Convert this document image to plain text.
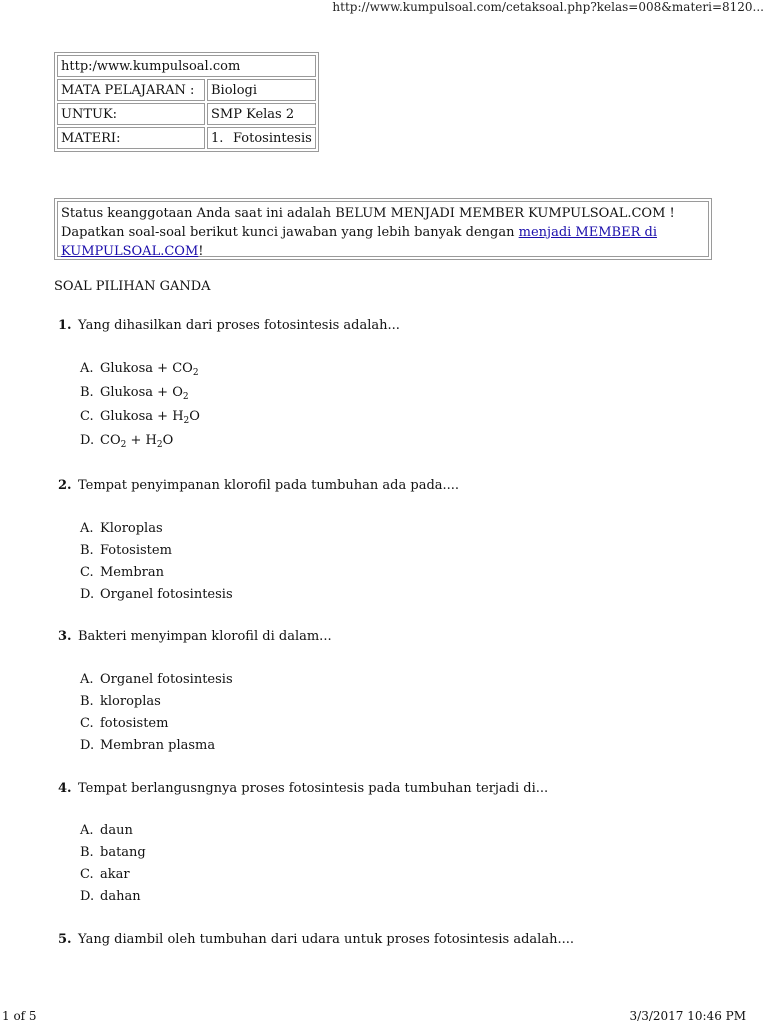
http://www.kumpulsoal.com/cetaksoal.php?kelas=008&materi=8120...
http:/www.kumpulsoal.com	
MATA PELAJARAN :	Biologi
UNTUK:	SMP Kelas 2
MATERI:	1. Fotosintesis
Status keanggotaan Anda saat ini adalah BELUM MENJADI MEMBER KUMPULSOAL.COM !
Dapatkan soal-soal berikut kunci jawaban yang lebih banyak dengan menjadi MEMBER di KUMPULSOAL.COM!
SOAL PILIHAN GANDA
1. Yang dihasilkan dari proses fotosintesis adalah...
A. Glukosa + $CO_2$
B. Glukosa + $O_2$
C. Glukosa + $H_2O$
D. $CO_2 + H_2O$
2. Tempat penyimpanan klorofil pada tumbuhan ada pada....
A. Kloroplas
B. Fotosistem
C. Membran
D. Organel fotosintesis
3. Bakteri menyimpan klorofil di dalam...
A. Organel fotosintesis
B. kloroplas
C. fotosistem
D. Membran plasma
4. Tempat berlangusngnya proses fotosintesis pada tumbuhan terjadi di...
A. daun
B. batang
C. akar
D. dahan
5. Yang diambil oleh tumbuhan dari udara untuk proses fotosintesis adalah....
1 of 5	3/3/2017 10:46 PM
